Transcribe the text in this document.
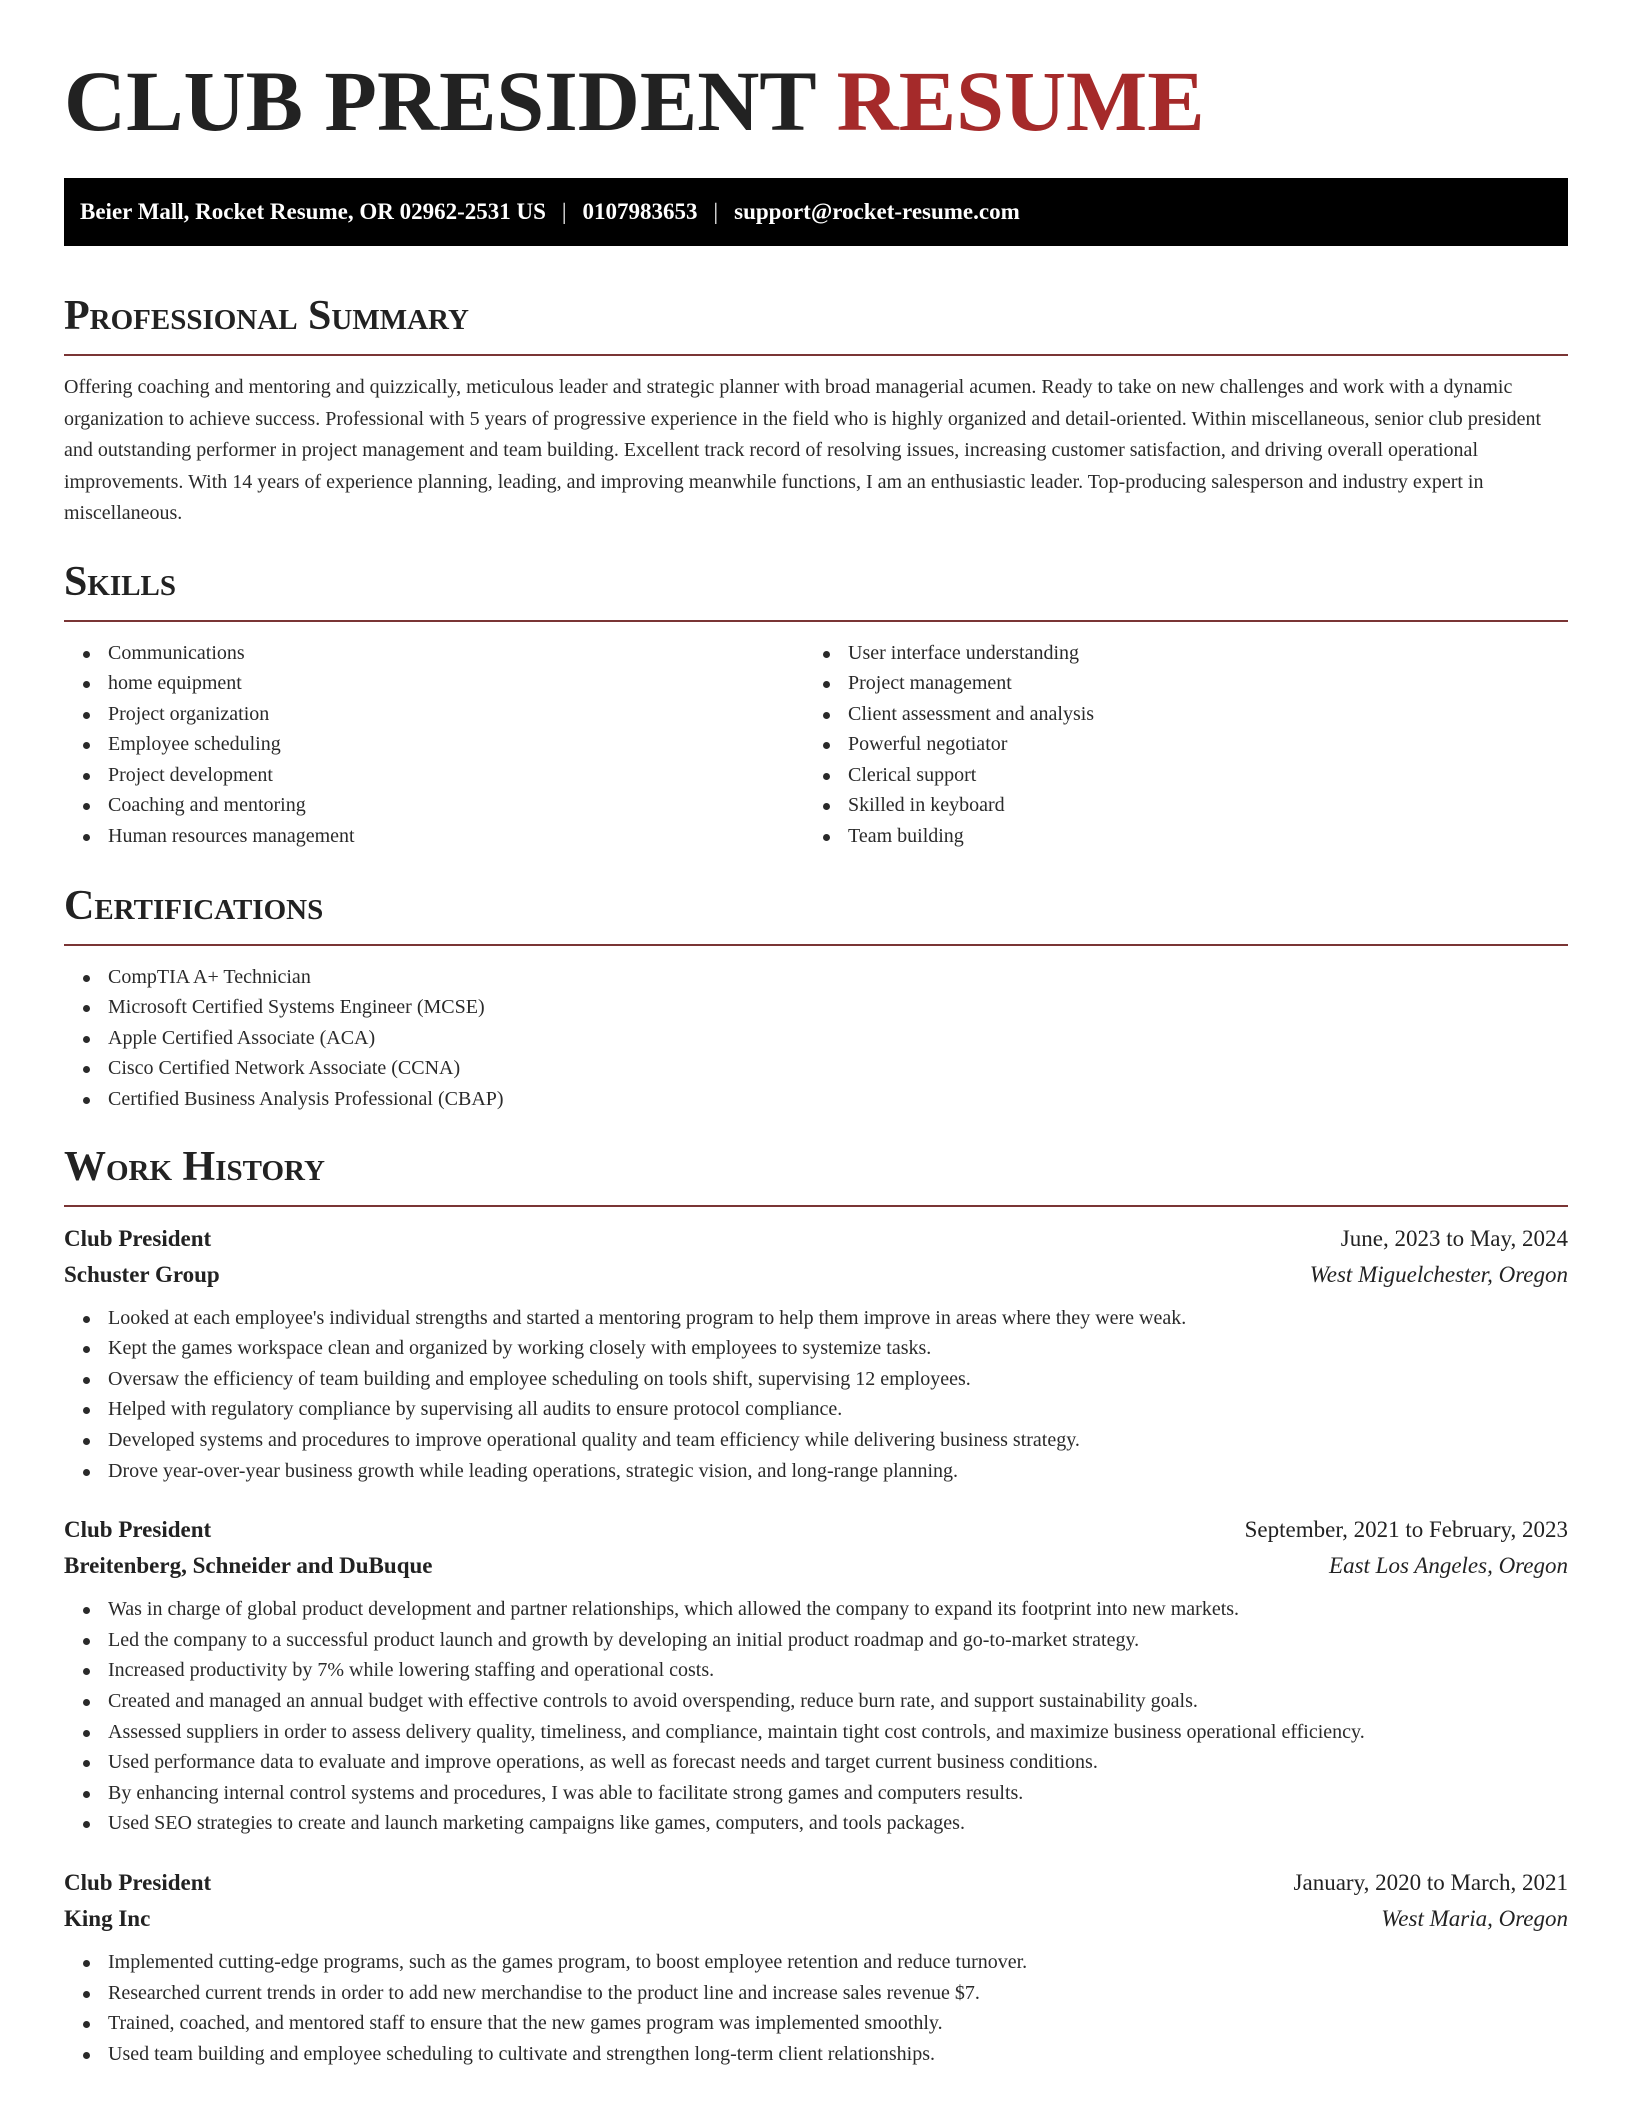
CLUB PRESIDENT RESUME
Beier Mall, Rocket Resume, OR 02962-2531 US | 0107983653 | support@rocket-resume.com
Professional Summary

Offering coaching and mentoring and quizzically, meticulous leader and strategic planner with broad managerial acumen. Ready to take on new challenges and work with a dynamic organization to achieve success. Professional with 5 years of progressive experience in the field who is highly organized and detail-oriented. Within miscellaneous, senior club president and outstanding performer in project management and team building. Excellent track record of resolving issues, increasing customer satisfaction, and driving overall operational improvements. With 14 years of experience planning, leading, and improving meanwhile functions, I am an enthusiastic leader. Top-producing salesperson and industry expert in miscellaneous.

Skills
Communications
home equipment
Project organization
Employee scheduling
Project development
Coaching and mentoring
Human resources management
User interface understanding
Project management
Client assessment and analysis
Powerful negotiator
Clerical support
Skilled in keyboard
Team building
Certifications
CompTIA A+ Technician
Microsoft Certified Systems Engineer (MCSE)
Apple Certified Associate (ACA)
Cisco Certified Network Associate (CCNA)
Certified Business Analysis Professional (CBAP)
Work History
Club President	June, 2023 to May, 2024
Schuster Group	West Miguelchester, Oregon
Looked at each employee's individual strengths and started a mentoring program to help them improve in areas where they were weak.
Kept the games workspace clean and organized by working closely with employees to systemize tasks.
Oversaw the efficiency of team building and employee scheduling on tools shift, supervising 12 employees.
Helped with regulatory compliance by supervising all audits to ensure protocol compliance.
Developed systems and procedures to improve operational quality and team efficiency while delivering business strategy.
Drove year-over-year business growth while leading operations, strategic vision, and long-range planning.
Club President	September, 2021 to February, 2023
Breitenberg, Schneider and DuBuque	East Los Angeles, Oregon
Was in charge of global product development and partner relationships, which allowed the company to expand its footprint into new markets.
Led the company to a successful product launch and growth by developing an initial product roadmap and go-to-market strategy.
Increased productivity by 7% while lowering staffing and operational costs.
Created and managed an annual budget with effective controls to avoid overspending, reduce burn rate, and support sustainability goals.
Assessed suppliers in order to assess delivery quality, timeliness, and compliance, maintain tight cost controls, and maximize business operational efficiency.
Used performance data to evaluate and improve operations, as well as forecast needs and target current business conditions.
By enhancing internal control systems and procedures, I was able to facilitate strong games and computers results.
Used SEO strategies to create and launch marketing campaigns like games, computers, and tools packages.
Club President	January, 2020 to March, 2021
King Inc	West Maria, Oregon
Implemented cutting-edge programs, such as the games program, to boost employee retention and reduce turnover.
Researched current trends in order to add new merchandise to the product line and increase sales revenue $7.
Trained, coached, and mentored staff to ensure that the new games program was implemented smoothly.
Used team building and employee scheduling to cultivate and strengthen long-term client relationships.
